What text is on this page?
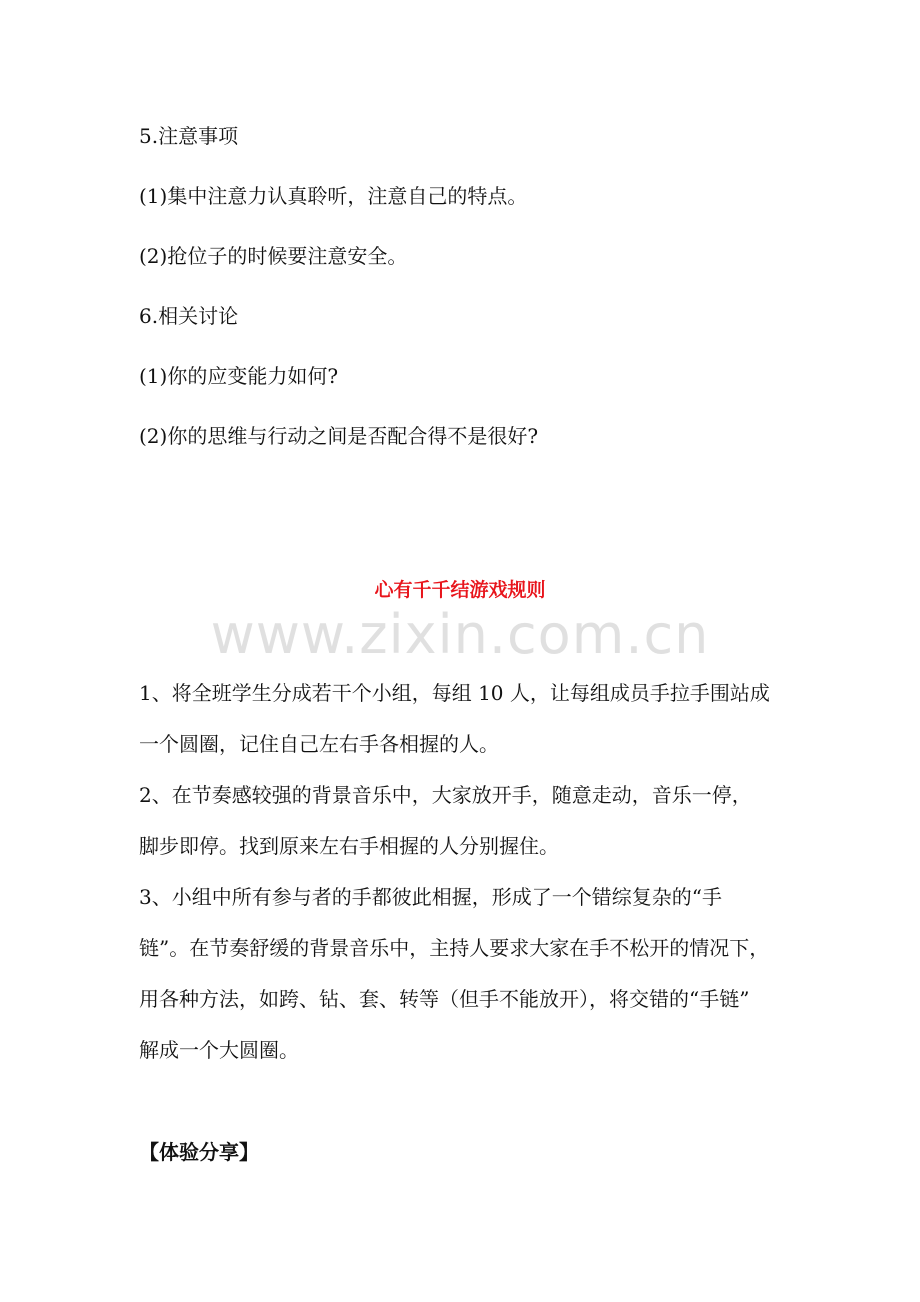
5.注意事项
(1)集中注意力认真聆听，注意自己的特点。
(2)抢位子的时候要注意安全。
6.相关讨论
(1)你的应变能力如何?
(2)你的思维与行动之间是否配合得不是很好?
心有千千结游戏规则
www.zixin.com.cn
1、将全班学生分成若干个小组，每组 10 人，让每组成员手拉手围站成
一个圆圈，记住自己左右手各相握的人。
2、在节奏感较强的背景音乐中，大家放开手，随意走动，音乐一停，
脚步即停。找到原来左右手相握的人分别握住。
3、小组中所有参与者的手都彼此相握，形成了一个错综复杂的“手
链”。在节奏舒缓的背景音乐中，主持人要求大家在手不松开的情况下，
用各种方法，如跨、钻、套、转等（但手不能放开），将交错的“手链”
解成一个大圆圈。
【体验分享】
